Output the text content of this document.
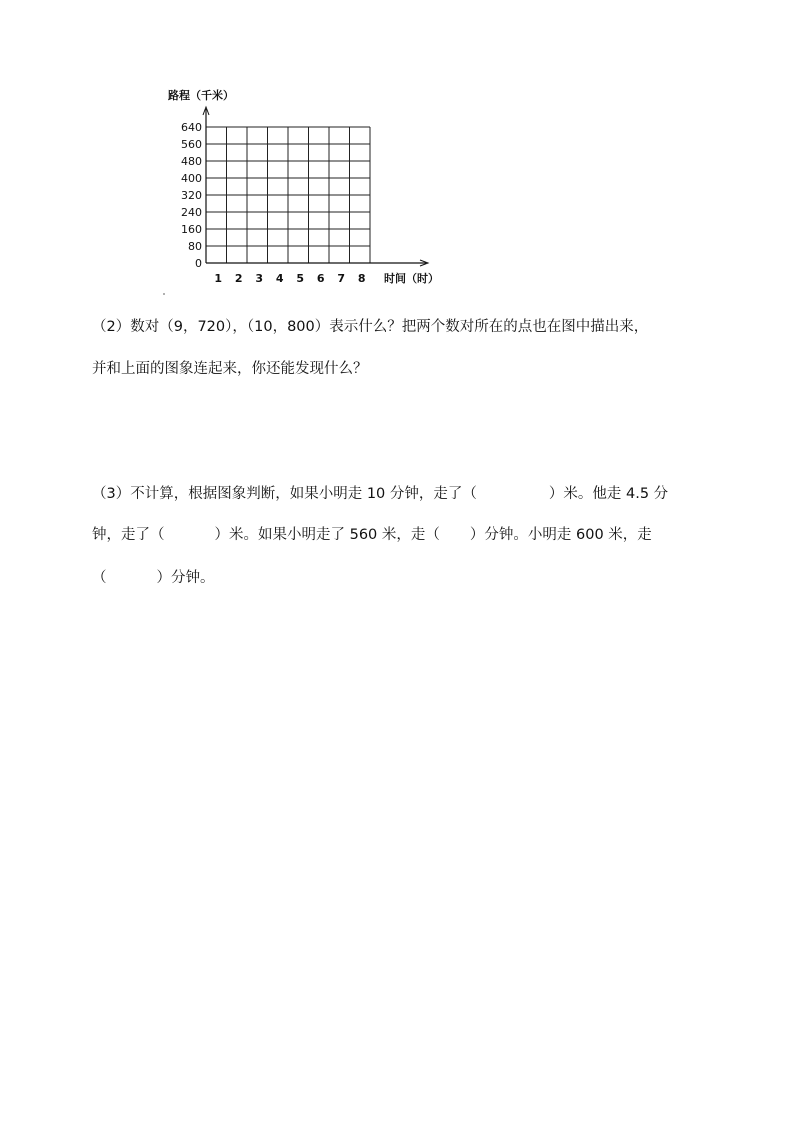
路程（千米）
时间（时）
0
80
160
240
320
400
480
560
640
1 2 3 4 5 6 7 8

（2）数对（9，720），（10，800）表示什么？把两个数对所在的点也在图中描出来，

并和上面的图象连起来，你还能发现什么？

（3）不计算，根据图象判断，如果小明走 10 分钟，走了（	）米。他走 4.5 分

钟，走了（	）米。如果小明走了 560 米，走（ ）分钟。小明走 600 米，走

（	）分钟。
